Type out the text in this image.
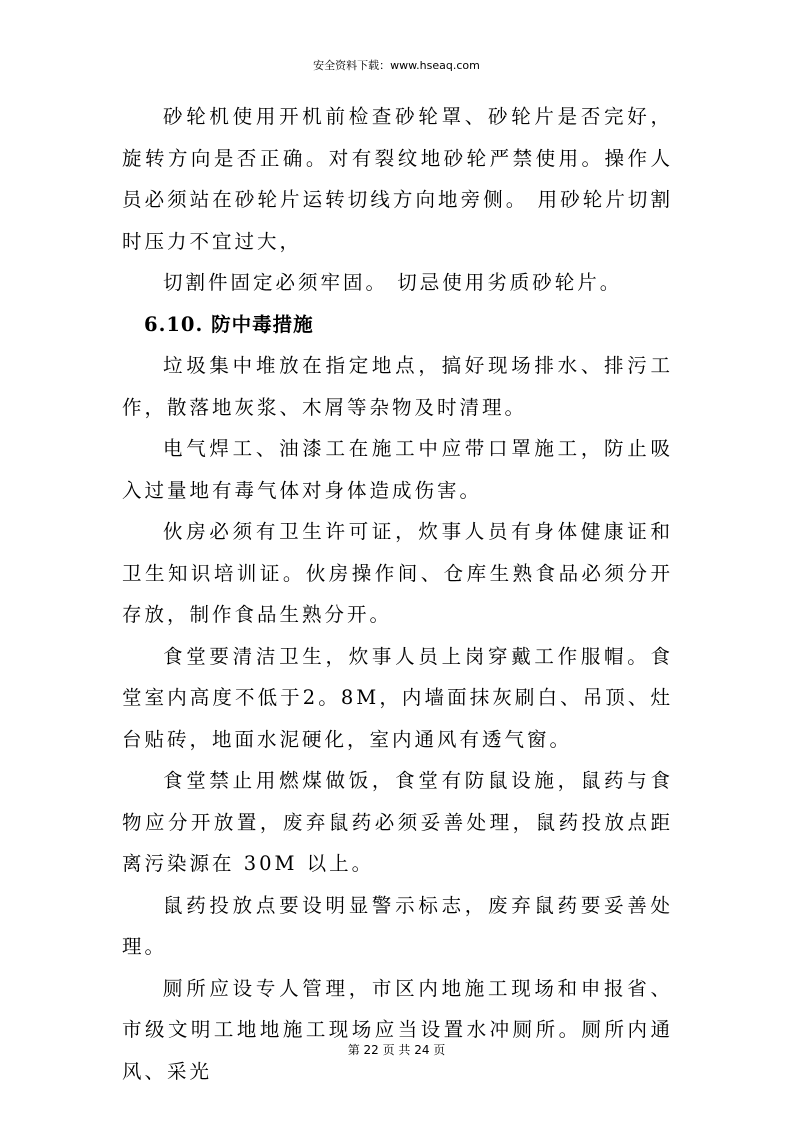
安全资料下载：www.hseaq.com

砂轮机使用开机前检查砂轮罩、砂轮片是否完好，旋转方向是否正确。对有裂纹地砂轮严禁使用。操作人员必须站在砂轮片运转切线方向地旁侧。 用砂轮片切割时压力不宜过大，

切割件固定必须牢固。 切忌使用劣质砂轮片。

6.10. 防中毒措施

垃圾集中堆放在指定地点，搞好现场排水、排污工作，散落地灰浆、木屑等杂物及时清理。

电气焊工、油漆工在施工中应带口罩施工，防止吸入过量地有毒气体对身体造成伤害。

伙房必须有卫生许可证，炊事人员有身体健康证和卫生知识培训证。伙房操作间、仓库生熟食品必须分开存放，制作食品生熟分开。

食堂要清洁卫生，炊事人员上岗穿戴工作服帽。食堂室内高度不低于2。8M，内墙面抹灰刷白、吊顶、灶台贴砖，地面水泥硬化，室内通风有透气窗。

食堂禁止用燃煤做饭，食堂有防鼠设施，鼠药与食物应分开放置，废弃鼠药必须妥善处理，鼠药投放点距离污染源在 30M 以上。

鼠药投放点要设明显警示标志，废弃鼠药要妥善处理。

厕所应设专人管理，市区内地施工现场和申报省、市级文明工地地施工现场应当设置水冲厕所。厕所内通风、采光

第 22 页 共 24 页
